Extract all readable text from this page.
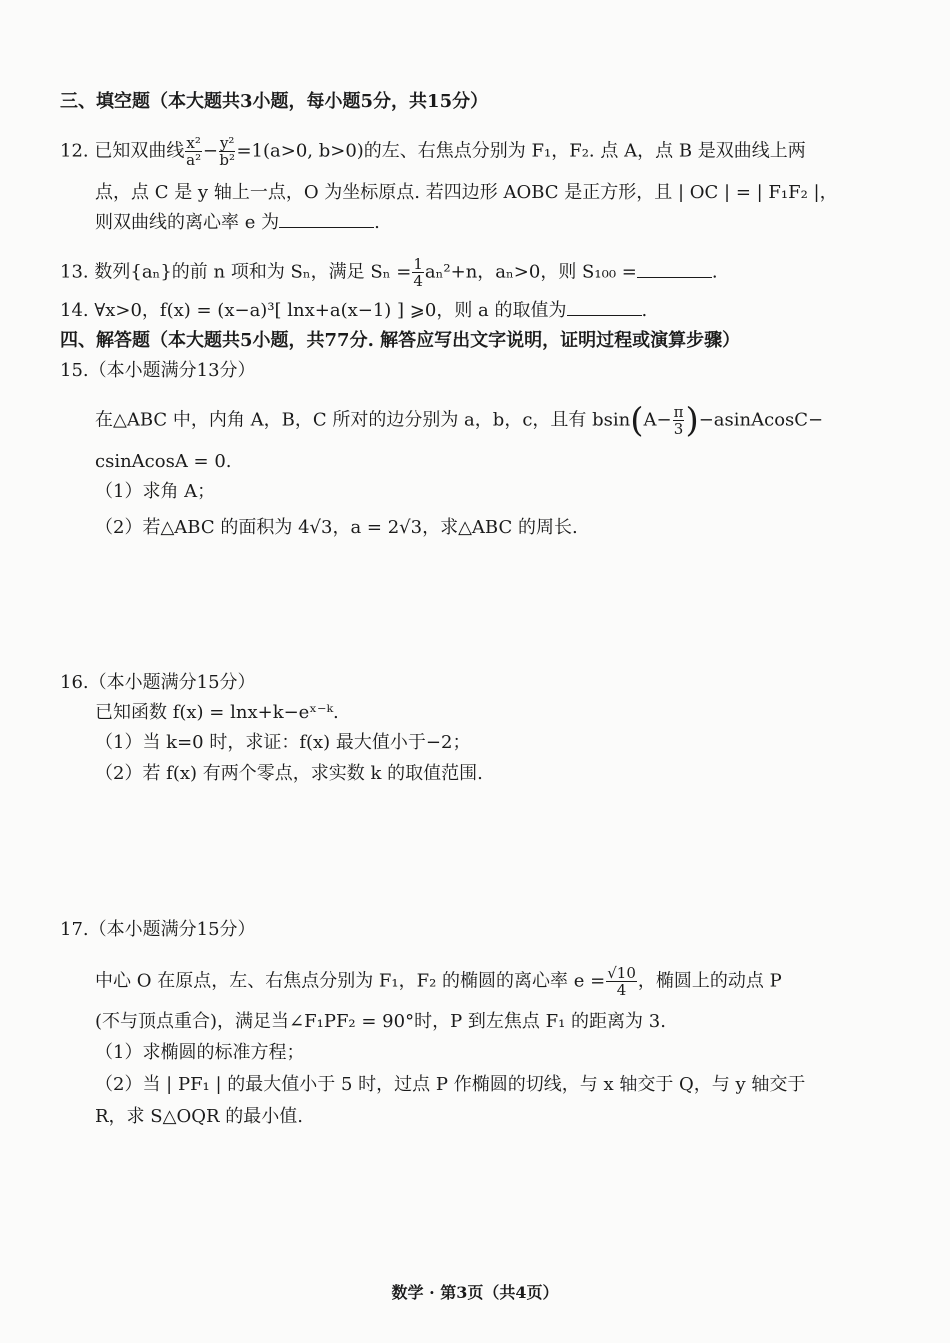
三、填空题（本大题共3小题，每小题5分，共15分）
12. 已知双曲线 $\frac{\text{x²}}{\text{a²}} - \frac{\text{y²}}{\text{b²}} =1(a>0$, b>0)的左、右焦点分别为 F₁，F₂. 点 A，点 B 是双曲线上两
点，点 C 是 y 轴上一点，O 为坐标原点. 若四边形 AOBC 是正方形，且 | OC | = | F₁F₂ |，
则双曲线的离心率 e 为	.
13. 数列{aₙ}的前 n 项和为 Sₙ，满足 $S_n = \frac{1}{4} a_n^2+n$，aₙ>0，则 S₁₀₀ =	.
14. ∀x>0，f(x) = (x−a)³[ lnx+a(x−1) ] ⩾0，则 a 的取值为	.
四、解答题（本大题共5小题，共77分. 解答应写出文字说明，证明过程或演算步骤）
15.（本小题满分13分）
在△ABC 中，内角 A，B，C 所对的边分别为 a，b，c，且有 $bsin(A- \frac{\pi}{3}$ )−asinAcosC−
csinAcosA = 0.
（1）求角 A；
（2）若△ABC 的面积为 4√3，a = 2√3，求△ABC 的周长.
16.（本小题满分15分）
已知函数 f(x) = lnx+k−eˣ⁻ᵏ.
（1）当 k=0 时，求证：f(x) 最大值小于−2；
（2）若 f(x) 有两个零点，求实数 k 的取值范围.
17.（本小题满分15分）
中心 O 在原点，左、右焦点分别为 F₁，F₂ 的椭圆的离心率 $e = \frac{√10}{4}$ ，椭圆上的动点 P
(不与顶点重合)，满足当∠F₁PF₂ = 90°时，P 到左焦点 F₁ 的距离为 3.
（1）求椭圆的标准方程；
（2）当 | PF₁ | 的最大值小于 5 时，过点 P 作椭圆的切线，与 x 轴交于 Q，与 y 轴交于
R，求 S△OQR 的最小值.
数学 · 第3页（共4页）
